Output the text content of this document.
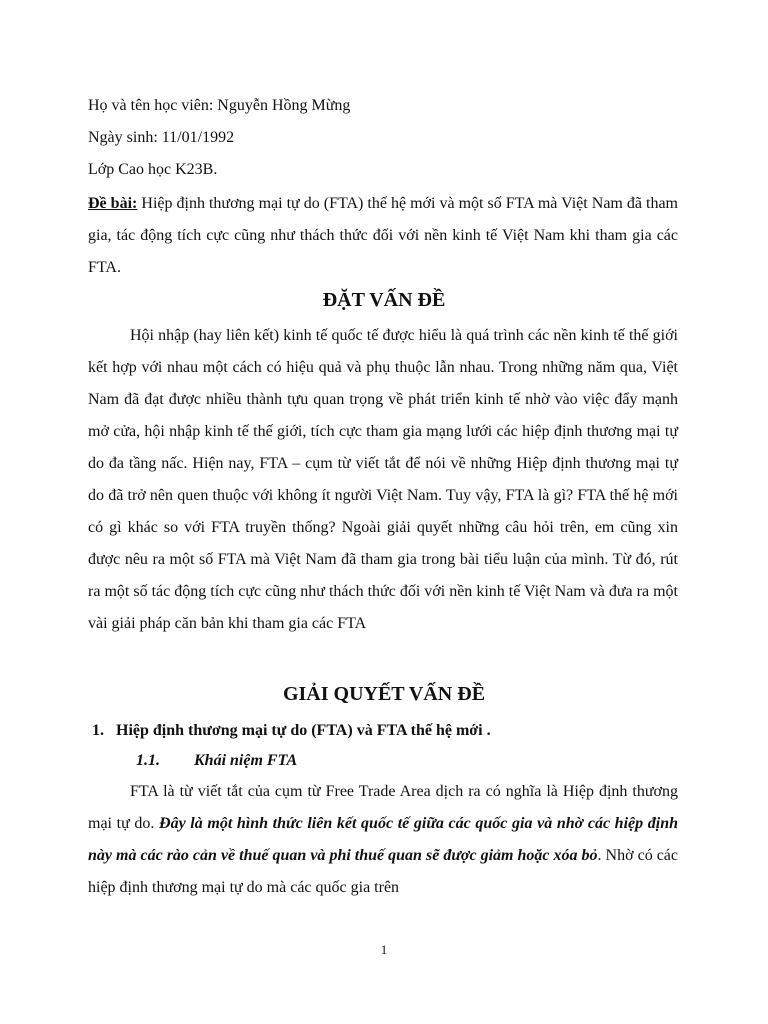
Họ và tên học viên: Nguyễn Hồng Mừng
Ngày sinh: 11/01/1992
Lớp Cao học K23B.
Đề bài: Hiệp định thương mại tự do (FTA) thế hệ mới và một số FTA mà Việt Nam đã tham gia, tác động tích cực cũng như thách thức đối với nền kinh tế Việt Nam khi tham gia các FTA.
ĐẶT VẤN ĐỀ
Hội nhập (hay liên kết) kinh tế quốc tế được hiểu là quá trình các nền kinh tế thế giới kết hợp với nhau một cách có hiệu quả và phụ thuộc lẫn nhau. Trong những năm qua, Việt Nam đã đạt được nhiều thành tựu quan trọng về phát triển kinh tế nhờ vào việc đẩy mạnh mở cửa, hội nhập kinh tế thế giới, tích cực tham gia mạng lưới các hiệp định thương mại tự do đa tầng nấc. Hiện nay, FTA – cụm từ viết tắt để nói về những Hiệp định thương mại tự do đã trở nên quen thuộc với không ít người Việt Nam. Tuy vậy, FTA là gì? FTA thế hệ mới có gì khác so với FTA truyền thống? Ngoài giải quyết những câu hỏi trên, em cũng xin được nêu ra một số FTA mà Việt Nam đã tham gia trong bài tiểu luận của mình. Từ đó, rút ra một số tác động tích cực cũng như thách thức đối với nền kinh tế Việt Nam và đưa ra một vài giải pháp căn bản khi tham gia các FTA
GIẢI QUYẾT VẤN ĐỀ
1. Hiệp định thương mại tự do (FTA) và FTA thế hệ mới .
1.1. Khái niệm FTA
FTA là từ viết tắt của cụm từ Free Trade Area dịch ra có nghĩa là Hiệp định thương mại tự do. Đây là một hình thức liên kết quốc tế giữa các quốc gia và nhờ các hiệp định này mà các rào cản về thuế quan và phi thuế quan sẽ được giảm hoặc xóa bỏ. Nhờ có các hiệp định thương mại tự do mà các quốc gia trên
1
